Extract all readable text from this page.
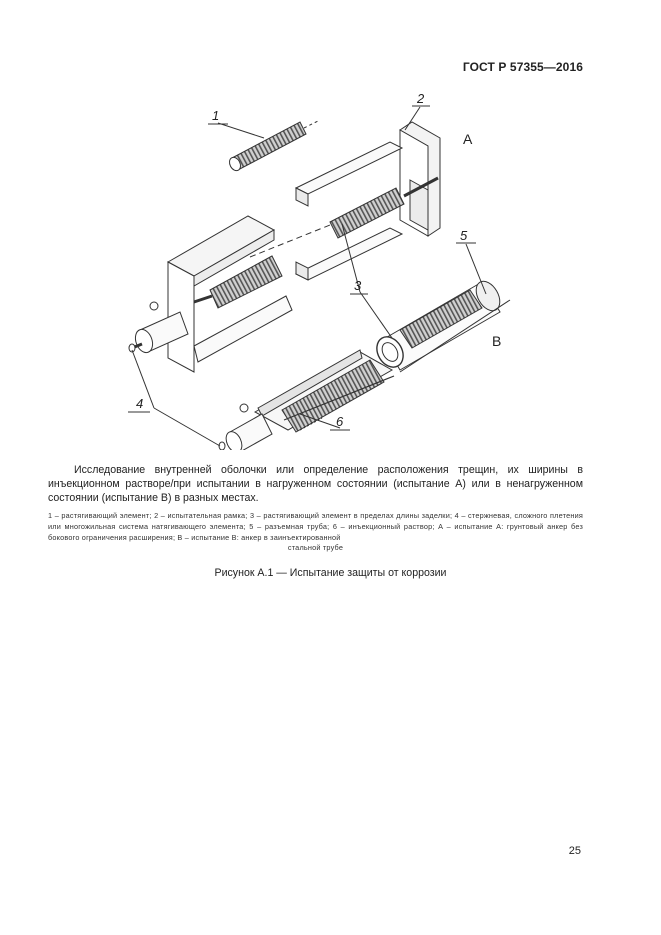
ГОСТ Р 57355—2016
1
2
3
4
5
6
A
B
Исследование внутренней оболочки или определение расположения трещин, их ширины в инъекционном растворе/при испытании в нагруженном состоянии (испытание А) или в ненагруженном состоянии (испытание В) в разных местах.
1 – растягивающий элемент; 2 – испытательная рамка; 3 – растягивающий элемент в пределах длины заделки; 4 – стержневая, сложного плетения или многожильная система натягивающего элемента; 5 – разъемная труба; 6 – инъекционный раствор; А – испытание А: грунтовый анкер без бокового ограничения расширения; В – испытание В: анкер в заинъектированной
стальной трубе
Рисунок А.1 — Испытание защиты от коррозии
25
